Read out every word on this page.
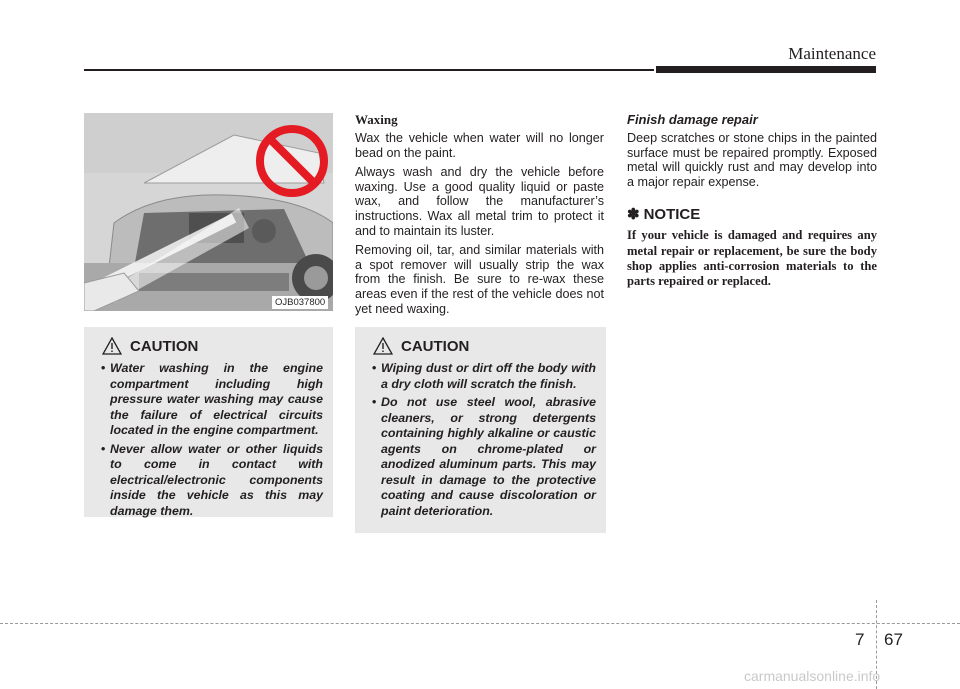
Maintenance
OJB037800
CAUTION
• Water washing in the engine compartment including high pressure water washing may cause the failure of electrical circuits located in the engine compartment.
• Never allow water or other liquids to come in contact with electrical/electronic components inside the vehicle as this may damage them.

Waxing

Wax the vehicle when water will no longer bead on the paint.

Always wash and dry the vehicle before waxing. Use a good quality liquid or paste wax, and follow the manufacturer’s instructions. Wax all metal trim to protect it and to maintain its luster.

Removing oil, tar, and similar materials with a spot remover will usually strip the wax from the finish. Be sure to re-wax these areas even if the rest of the vehicle does not yet need waxing.

CAUTION
• Wiping dust or dirt off the body with a dry cloth will scratch the finish.
• Do not use steel wool, abrasive cleaners, or strong detergents containing highly alkaline or caustic agents on chrome-plated or anodized aluminum parts. This may result in damage to the protective coating and cause discoloration or paint deterioration.

Finish damage repair

Deep scratches or stone chips in the painted surface must be repaired promptly. Exposed metal will quickly rust and may develop into a major repair expense.

✽ NOTICE

If your vehicle is damaged and requires any metal repair or replacement, be sure the body shop applies anti-corrosion materials to the parts repaired or replaced.

7 67
carmanualsonline.info
